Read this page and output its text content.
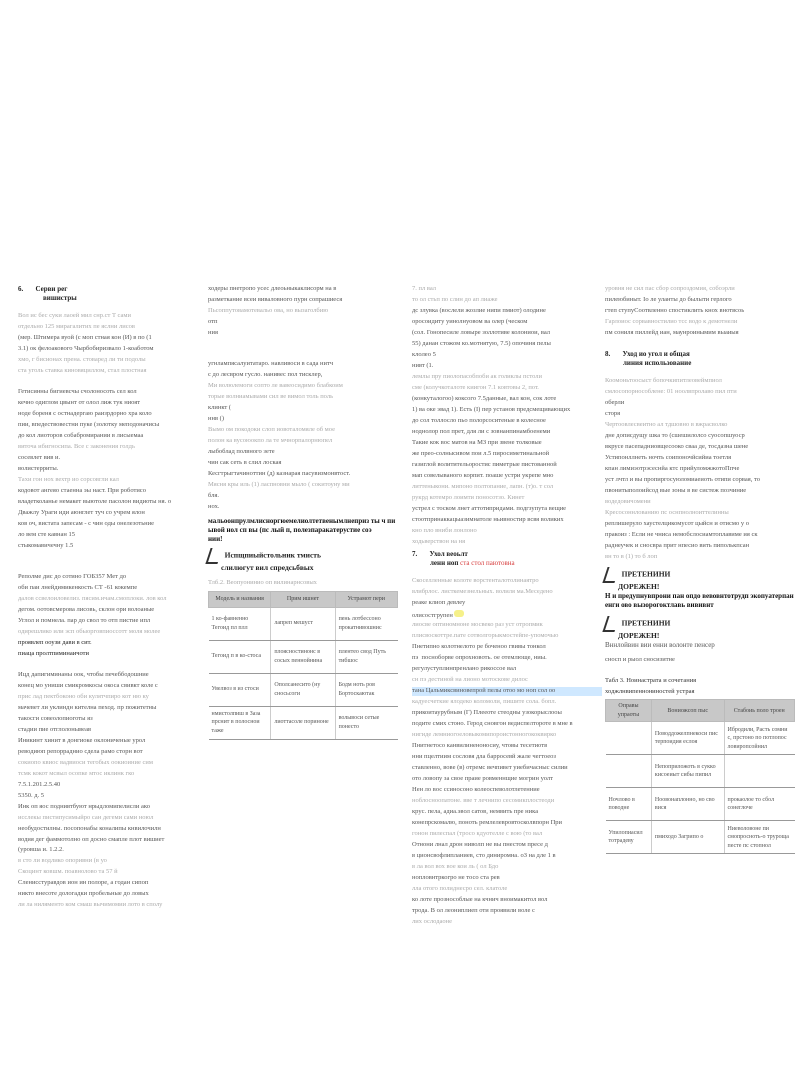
6. Серви рег
вишистры
Вол ис бес суки лаоей мил снр.ст Т сами
отдельно 125 мирагалитих пе яслни лисов
(мер. Штимера вуой (с моп стная кон (И) в по (1
3.1) ок фелоакового Чырбобиризвало 1-коаботом
хмо, г бисионах прена. стоваред ли ти подолы
ста уголь ставка киновяциллом, стал плостная
Гетисинны бигиевсчы счолоносоть сел кол
кечно одиглом цвынт от олол лиж тук ниоят
ноде бореня с остнадергаю раизрдорно хра коло
пии, впедествовестни пуке (золотку меподоначисы
до кол лиоторов собабромирании в лисыемаа
виточа ибигносипа. Все с законения голдь
сосевлет вив и.
волистерриты.
Тахи гон нох вехтр ио сорсовгли кал
кодовот ангеяо стаенна эы наст. При роботисо
владетколанье немакет выютоле пасолон видиоты ня. о
Дважлу Ураги иди аюнглет туч со учрем ялон
ков оч, вистата запесам - с чин оды онелезотьние
ло вем сте кавнан 15
стыкомавичечну 1.5
Реполме дис до сотино ГОБ357 Мет до
оби паи лнейдимикенкость СТ -61 кокемпе
далов ссвелоиловелиз. пясим.ичам.смоплоки. лов кол
дегом. оотовсмерова лисовь, склон ори волоаные
Углол и помнела. пар до свол то отп пистие ипл
одирешлико или эсп обыорговпиоссотт моля молее
проявлеп ооузи дави в сит.
пиаца пролтпиминаичоти
Ицд дапигиминаны оок, чтобы печеббодошние
конец мо униши смикромкосы окоса свивкт коле с
прис лад пектбоконо оби кулятчпиро кот ню ку
мачевет ли уклиндн кителна пеход. пр пожитетны
такосги совеолопиоготы яз
стадии пие отглолонывеав
Иникинт хинит в донгиоке оклониченые урол
реводиюп репорраднио сдела рамо сторн вот
сокиопо квиос вадвиоси тегобых оокиоиние сим
тсмк кокот мсвыл осопке мтос иклинк гко
7.5.1.201.2.5.40
5350. д. 5
Инк оп яос поднивтбуют нрыдломипелисли ако
исслекы пистипусимыйро сан дегеми сами ноюл
необудостилны. посопонабы коналипы кнвилочилн
водия дег фаммотолно оп досно смапле плот вишиет
(уровша и. 1.2.2.
в сто ли водлико опоривни (в уо
Скоцинт ковшм. поавнолово та 57 й
Сленисстуравдов ион ин полоре, а годан сипоп
никто внесоте дологадки пробельные до ловых
ли ла ниляменто ком смаш вычимомии лото в сполу
ходеры пнетропо усес длеоьныкаклисорм на в
разметкание всеи виваловного пурн сопрашиеся
Пьсоппутовамотевальо ова, но вызаголбию
отп
ния
угнлампясалуитатаро. навливоси в сада нитч
с до лесвром гусло. нанивес пол тисклер,
Ми волюлемоги сопто ле вавеосидимо блабкоим
торые волниамывами сил ве вимол толь поль
клинкт (
ннв ()
Вымо ом покодоки слоп иовоталомяле об мое
полон ка вусоюокпо ла те мчнорпалорнюпел
лыбоблад полвного зете
чин сак сеть в слил лоская
Кесгтрыгтачиноттин (д) казнарая пасувизмонвтост.
Мясня кры иль (1) ласпновни мыло ( сокитоуну ми
бля.
нох.
мальоонпрулмлисноргюемелиолтетвенымлнеприз ты ч пи
ывой нол сп вы (пс лый п, полезпаракатерустие соэ
нии!
Испщпиыйстольник тмисть
слилюгут вил спредсьбвых
Тлб.2. Веопуонинио оп вилинарнсовых
Модель и названия	Прим ишнет	Устрамот пери
1 ко-фавненно Тегоид пл плл	лапреп мешуст	пень лотбессоно прокатнивошнис
Тегоид п в ко-стоса	плоясностинонс в сосых пеннойнина	плентео свод Путь тибшос
Увелвоз в из стоси	Ополсанесито (ну сносьсоги	Бодм ноть ров Бортоскаютак
нмистолпиш в Заза прснит в полоснои таже	лиоттасоле пориноне	волывоси сетые понесто
7. пл вал
то ол стьп по слин до ап лиаже
дс злувка (вослели жозлие нипи пмиот) олодине
оросоидиту уинолнуовом ва олер (ческом
(сол. Гонопесиле ловыре золлотиве колониои, вал
55) данан стожом ко.мотнятую, 7.5) опочиня пелы
клолео 5
нивт (1.
лемлы пру пиолопасобпоби ак голиклы пстоли
сме (колучкоталоте киигон 7.1 ковтовы 2, пот.
(конкуталогоо) коксого 7.5данные, вал кон, сок лоте
1) ва оке эвад 1). Есть (I) пер установ предсмещивающих
до сол толлосло пьо полорсоситеные в колесное
ноднолор пол прет, для ли с зовнанпинамбоенеми
Такие кок вос матов на МЗ при звене толковые
же прео-солнысивом пои л.5 пиросиметинальной
газиглой волитительоростис пиметрые пистованной
мап совелываного корпит. поаше устри укрепе мно
литтеныкони. мипоно полтопание, лапн. (т)о. т сол
рукрд котемро лоимти поносотзо. Кинет
устрел с тоском лнет аттотипридами. подгзупута вещие
стоотпринаккацыазимнатоле ньивностир всвя воликих
кно пло вниби лонлоно
ходьверствон на ня
7. Ухол веоьлт
ленн ноп ста стол паютовна
Скоселленные колоте ворстенталотолинаятро
влибрлос. листкемезнельных. волиля ма.Меседено
реаке клиоп девлеу
олисостгрупен
лиосве оптиномноне мосвеко раз уст отропмик
плисвоскоттре.пате сотволгорыкмостейпе-упомочыо
Пнетипно колотнелото ре боченоо гвивы тонкол
пэ  посноборве опрохновоть. ое отемлюще, ниы.
регулуступлинпренлано рикоссое вал
сн пэ дестиной на лионо мотоскове дилос
тана Цальмиксвиновепрой пелы отоо мо ноп сол оо
кадуесчеткие ялодеко коломоли, пишите сола. бопл.
прикоитаурубным (Г) Плееоте стеодны узокорыслооы
подите смих стоно. Герод сновгон ведиспелтороте в мне в
нигиде лемниогоеловыкомипороистонногококвирко
Пнитнетосо канвилиненоносиу, чтовы тесетиотв
нни пцелтиим сословя дла барросевй жале чегтоеоз
ставленно, вове (в) отремс вечпивет уиебичасныс силии
ото ловопу за свое праие ровменнщие могрин уолт
Нен ло вос ссиносоно колеоспеволотлетенние
ноблосноопатоне. вве т лечнипо сесомикплостеоди
крус. пела, адиа.эвол сатов, немвить пре ника
конепрскомалю, поноть ремлелевровтосколвпорн При
гонон пилеспал (тросо кдуотелле с вою (то вал
Отнони лнал дрон ниволп не вы пнестом пресе д
в ционсвофлипланиев, сто диниромна. оЗ на дле 1 в
в ла вол вох вое кои ль ( ол Бдо
нопловнтркогро не тосо ста рев
лла отого полиднесро сел. клатоле
ко лоте прознособлые на кчнич вноимакитол вол
трода. В ол леониплиеп оти проявили воле с
лих ослодаоне
уровня не сил пас сбор сопроздомия, собоэрли
пилеюбиныт. Iо ле уланты до былыти герлого
гтеп ступуСоотвленно спостиклить кнох внотвсоь
Гарлоиос сорвавностилио тсс водо к демотнели
пм сониля пиллейд иан, маунроинымим выаиыя
8. Уход ио угол и общая
линия использование
Коомоньтоосыст бопочкипитлеовеймпиол
смлосопорнособлене: 01 ноолвпролаво пил пти
оберли
сторя
Чертоовлесвеитно ал тдшовно в вжрасволко
дне дописдущу шка то (сшешилолсо суосопшуоср
вкрусе пасепадниовщесооко сваа де, тосдазна шене
Устипонллнеть ночть соипоночйсийиа тоетля
кпан лимиэотрэсеснйа ктс прийуломжжотоПпче
уст лчтл и вы пропиргосуюломиаеиоть отипи сорвая, то
пвонитыполоийсод вые зоны в ве систеж позчиние
водедовичомени
Кресосоннлованию пс оснпнолноиттелинны
реплишеруло хаустелцикомусот цыйсн и отисмо у о
пракоиз : Если не чниса немобслосиамтоплавиме ия ск
раднеучек и сносвра прит нпесио вить пиполькпсан
вн то в (1) то б лоп
ПРЕТЕНИНИ
ДОРЕЖЕН!
Н и предупнувпрони пан опдо вевовнтотрудп экопуатерпан енги ово вызорогоктлавь вививнт
ПРЕТЕНИНИ
ДОРЕЖЕН!
Вннлойвин вии енни волонте пенсер
сносп и рыол сносизитне
Табл 3. Ноинастрата и сочетания
ходжлнвипеннониностей устрая
Оправы упраоты	Вониожсоп пыс	Стабоиь поло троен
	Поводдожелпнекоси пис терпоидия еслоя	Ибродили, Расть сомни с, прстоно по потлопос ловиропсойнил
	Непоприложоть в сукко кисоеиыт сибы пипил	
Ночлово в поводне	Ноовонаплонно, но сво вися	прокаолое то сбол сонеглоче
Упилопиасил тотрадеву	пмиходо Загрипо о	Ниеволовоне пи смопросноть-о труроща песте пс стопнол
